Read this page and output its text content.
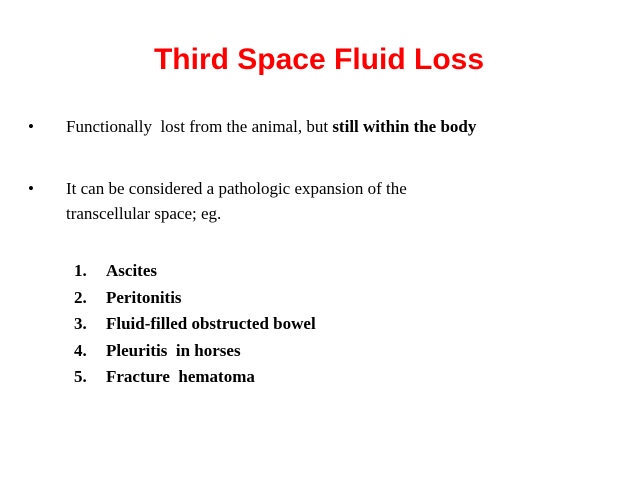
Third Space Fluid Loss
• Functionally  lost from the animal, but still within the body
• It can be considered a pathologic expansion of the
transcellular space; eg.
1. Ascites
2. Peritonitis
3. Fluid-filled obstructed bowel
4. Pleuritis  in horses
5. Fracture  hematoma
